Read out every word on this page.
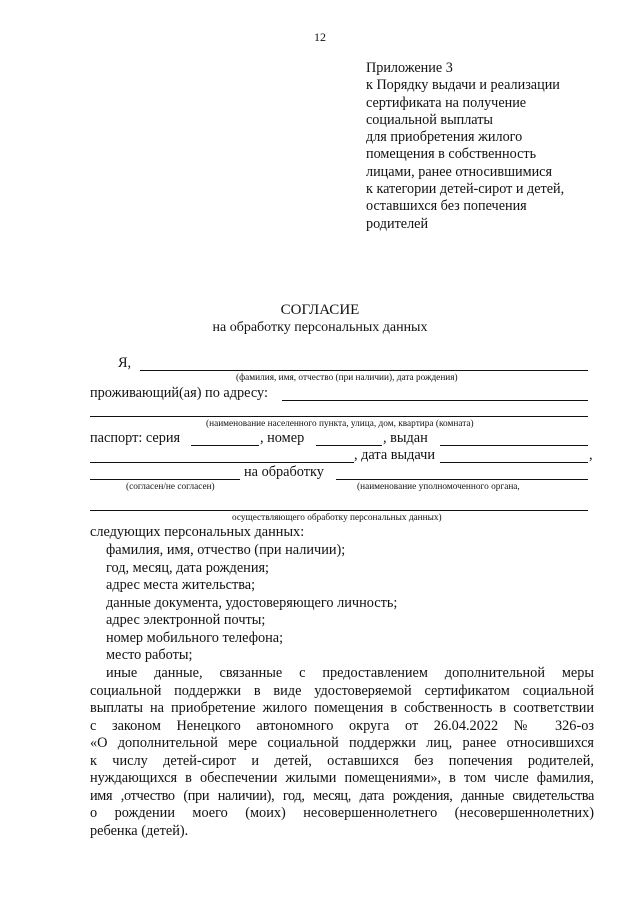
12
Приложение 3
к Порядку выдачи и реализации
сертификата на получение
социальной выплаты
для приобретения жилого
помещения в собственность
лицами, ранее относившимися
к категории детей-сирот и детей,
оставшихся без попечения
родителей
СОГЛАСИЕ
на обработку персональных данных
Я,
(фамилия, имя, отчество (при наличии), дата рождения)
проживающий(ая) по адресу:
(наименование населенного пункта, улица, дом, квартира (комната)
паспорт: серия	, номер	, выдан
, дата выдачи	,
на обработку
(согласен/не согласен)	(наименование уполномоченного органа,
осуществляющего обработку персональных данных)
следующих персональных данных:
фамилия, имя, отчество (при наличии);
год, месяц, дата рождения;
адрес места жительства;
данные документа, удостоверяющего личность;
адрес электронной почты;
номер мобильного телефона;
место работы;
иные данные, связанные с предоставлением дополнительной меры
социальной поддержки в виде удостоверяемой сертификатом социальной
выплаты на приобретение жилого помещения в собственность в соответствии
с законом Ненецкого автономного округа от 26.04.2022 № 326-оз
«О дополнительной мере социальной поддержки лиц, ранее относившихся
к числу детей-сирот и детей, оставшихся без попечения родителей,
нуждающихся в обеспечении жилыми помещениями», в том числе фамилия,
имя ,отчество (при наличии), год, месяц, дата рождения, данные свидетельства
о рождении моего (моих) несовершеннолетнего (несовершеннолетних)
ребенка (детей).
